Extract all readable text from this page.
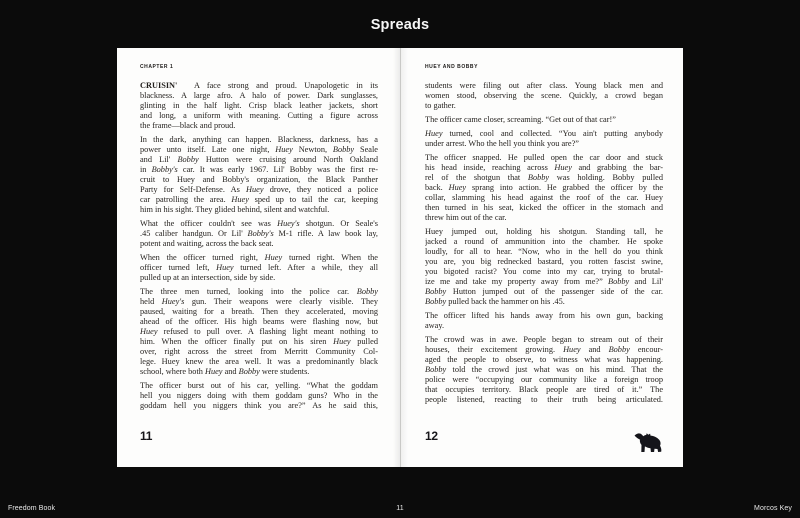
Spreads
CHAPTER 1
CRUISIN'  A face strong and proud. Unapologetic in its
blackness. A large afro. A halo of power. Dark sunglasses,
glinting in the half light. Crisp black leather jackets, short
and long, a uniform with meaning. Cutting a figure across
the frame—black and proud.
In the dark, anything can happen. Blackness, darkness, has a
power unto itself. Late one night, Huey Newton, Bobby Seale
and Lil' Bobby Hutton were cruising around North Oakland
in Bobby's car. It was early 1967. Lil' Bobby was the first re-
cruit to Huey and Bobby's organization, the Black Panther
Party for Self-Defense. As Huey drove, they noticed a police
car patrolling the area. Huey sped up to tail the car, keeping
him in his sight. They glided behind, silent and watchful.
What the officer couldn't see was Huey's shotgun. Or Seale's
.45 caliber handgun. Or Lil' Bobby's M-1 rifle. A law book lay,
potent and waiting, across the back seat.
When the officer turned right, Huey turned right. When the
officer turned left, Huey turned left. After a while, they all
pulled up at an intersection, side by side.
The three men turned, looking into the police car. Bobby
held Huey's gun. Their weapons were clearly visible. They
paused, waiting for a breath. Then they accelerated, moving
ahead of the officer. His high beams were flashing now, but
Huey refused to pull over. A flashing light meant nothing to
him. When the officer finally put on his siren Huey pulled
over, right across the street from Merritt Community Col-
lege. Huey knew the area well. It was a predominantly black
school, where both Huey and Bobby were students.
The officer burst out of his car, yelling. “What the goddam
hell you niggers doing with them goddam guns? Who in the
goddam hell you niggers think you are?” As he said this,
11
HUEY AND BOBBY
students were filing out after class. Young black men and
women stood, observing the scene. Quickly, a crowd began
to gather.
The officer came closer, screaming. “Get out of that car!”
Huey turned, cool and collected. “You ain't putting anybody
under arrest. Who the hell you think you are?”
The officer snapped. He pulled open the car door and stuck
his head inside, reaching across Huey and grabbing the bar-
rel of the shotgun that Bobby was holding. Bobby pulled
back. Huey sprang into action. He grabbed the officer by the
collar, slamming his head against the roof of the car. Huey
then turned in his seat, kicked the officer in the stomach and
threw him out of the car.
Huey jumped out, holding his shotgun. Standing tall, he
jacked a round of ammunition into the chamber. He spoke
loudly, for all to hear. “Now, who in the hell do you think
you are, you big rednecked bastard, you rotten fascist swine,
you bigoted racist? You come into my car, trying to brutal-
ize me and take my property away from me?” Bobby and Lil'
Bobby Hutton jumped out of the passenger side of the car.
Bobby pulled back the hammer on his .45.
The officer lifted his hands away from his own gun, backing
away.
The crowd was in awe. People began to stream out of their
houses, their excitement growing. Huey and Bobby encour-
aged the people to observe, to witness what was happening.
Bobby told the crowd just what was on his mind. That the
police were “occupying our community like a foreign troop
that occupies territory. Black people are tired of it.” The
people listened, reacting to their truth being articulated.
12
11
Freedom Book	Morcos Key
